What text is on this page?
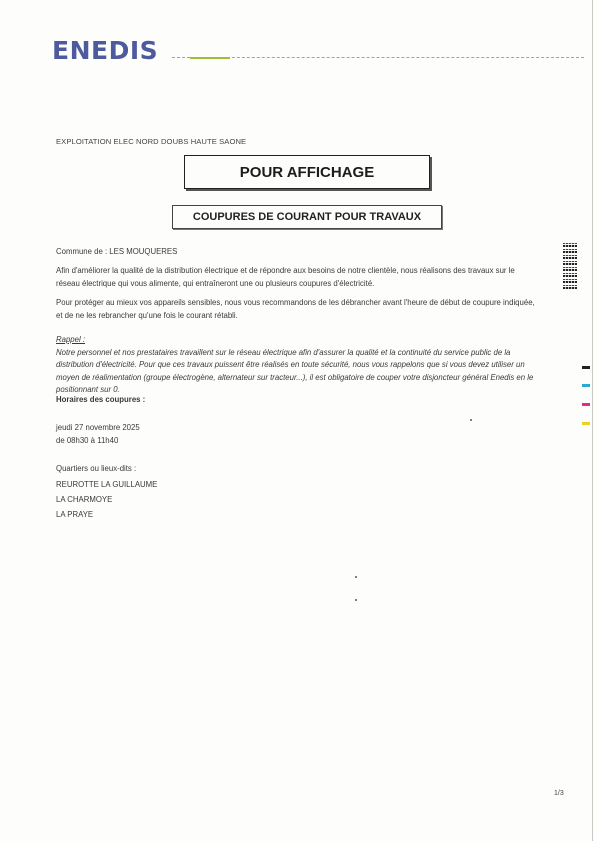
ENEDIS
EXPLOITATION ELEC NORD DOUBS HAUTE SAONE
POUR AFFICHAGE
COUPURES DE COURANT POUR TRAVAUX
Commune de : LES MOUQUERES
Afin d'améliorer la qualité de la distribution électrique et de répondre aux besoins de notre clientèle, nous réalisons des travaux sur le réseau électrique qui vous alimente, qui entraîneront une ou plusieurs coupures d'électricité.
Pour protéger au mieux vos appareils sensibles, nous vous recommandons de les débrancher avant l'heure de début de coupure indiquée, et de ne les rebrancher qu'une fois le courant rétabli.
Rappel :
Notre personnel et nos prestataires travaillent sur le réseau électrique afin d'assurer la qualité et la continuité du service public de la distribution d'électricité. Pour que ces travaux puissent être réalisés en toute sécurité, nous vous rappelons que si vous devez utiliser un moyen de réalimentation (groupe électrogène, alternateur sur tracteur...), il est obligatoire de couper votre disjoncteur général Enedis en le positionnant sur 0.
Horaires des coupures :
jeudi 27 novembre 2025
de 08h30 à 11h40
Quartiers ou lieux-dits :
REUROTTE LA GUILLAUME
LA CHARMOYE
LA PRAYE
1/3
